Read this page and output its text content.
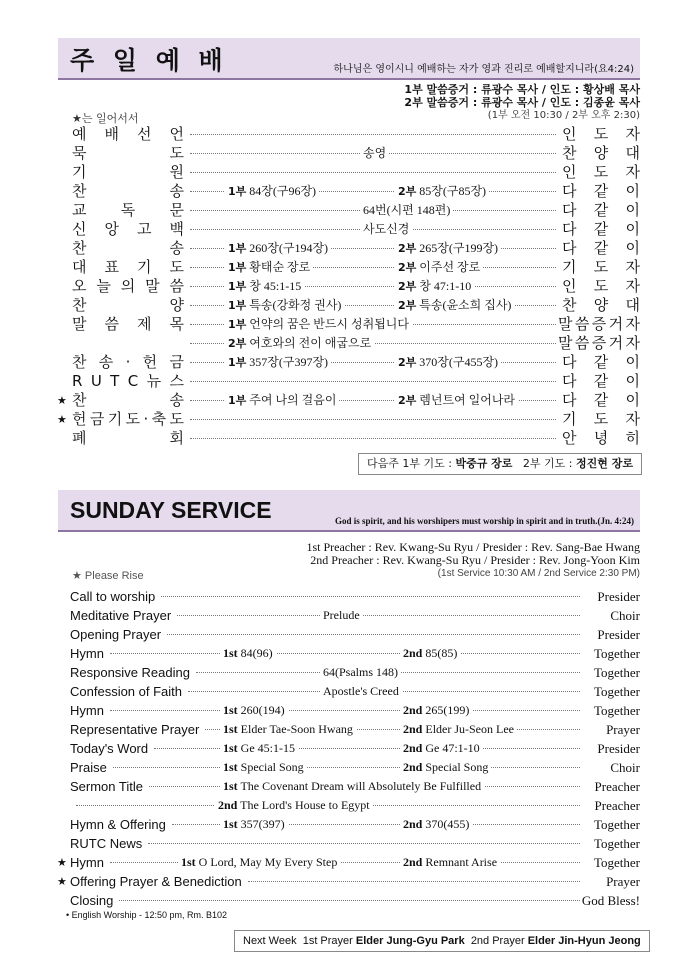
주 일 예 배	하나님은 영이시니 예배하는 자가 영과 진리로 예배할지니라(요4:24)
1부 말씀증거 : 류광수 목사 / 인도 : 황상배 목사
2부 말씀증거 : 류광수 목사 / 인도 : 김종윤 목사
(1부 오전 10:30 / 2부 오후 2:30)
★는 일어서서
예 배 선 언	인 도 자
묵	도	송영	찬 양 대
기	원	인 도 자
찬	송	1부 84장(구96장)	2부 85장(구85장)	다 같 이
교 독 문	64번(시편 148편)	다 같 이
신 앙 고 백	사도신경	다 같 이
찬	송	1부 260장(구194장)	2부 265장(구199장)	다 같 이
대 표 기 도	1부 황태순 장로	2부 이주선 장로	기 도 자
오 늘 의 말 씀	1부 창 45:1-15	2부 창 47:1-10	인 도 자
찬	양	1부 특송(강화정 권사)	2부 특송(윤소희 집사)	찬 양 대
말 씀 제 목	1부 언약의 꿈은 반드시 성취됩니다	말 씀 증 거 자
2부 여호와의 전이 애굽으로	말 씀 증 거 자
찬 송 · 헌 금	1부 357장(구397장)	2부 370장(구455장)	다 같 이
R U T C 뉴 스	다 같 이
★ 찬	송	1부 주여 나의 걸음이	2부 렘넌트여 일어나라	다 같 이
★ 헌 금 기 도 · 축 도	기 도 자
폐	회	안 녕 히
다음주 1부 기도 : 박중규 장로   2부 기도 : 정진현 장로
SUNDAY SERVICE	God is spirit, and his worshipers must worship in spirit and in truth.(Jn. 4:24)
1st Preacher : Rev. Kwang-Su Ryu / Presider : Rev. Sang-Bae Hwang
2nd Preacher : Rev. Kwang-Su Ryu / Presider : Rev. Jong-Yoon Kim
(1st Service 10:30 AM / 2nd Service 2:30 PM)
★ Please Rise
Call to worship	Presider
Meditative Prayer	Prelude	Choir
Opening Prayer	Presider
Hymn	1st 84(96)	2nd 85(85)	Together
Responsive Reading	64(Psalms 148)	Together
Confession of Faith	Apostle's Creed	Together
Hymn	1st 260(194)	2nd 265(199)	Together
Representative Prayer 1st Elder Tae-Soon Hwang	2nd Elder Ju-Seon Lee	Prayer
Today's Word	1st Ge 45:1-15	2nd Ge 47:1-10	Presider
Praise	1st Special Song	2nd Special Song	Choir
Sermon Title	1st The Covenant Dream will Absolutely Be Fulfilled	Preacher
2nd The Lord's House to Egypt	Preacher
Hymn & Offering	1st 357(397)	2nd 370(455)	Together
RUTC News	Together
★ Hymn	1st O Lord, May My Every Step	2nd Remnant Arise	Together
★ Offering Prayer & Benediction	Prayer
Closing	God Bless!
• English Worship - 12:50 pm, Rm. B102
Next Week  1st Prayer Elder Jung-Gyu Park  2nd Prayer Elder Jin-Hyun Jeong
